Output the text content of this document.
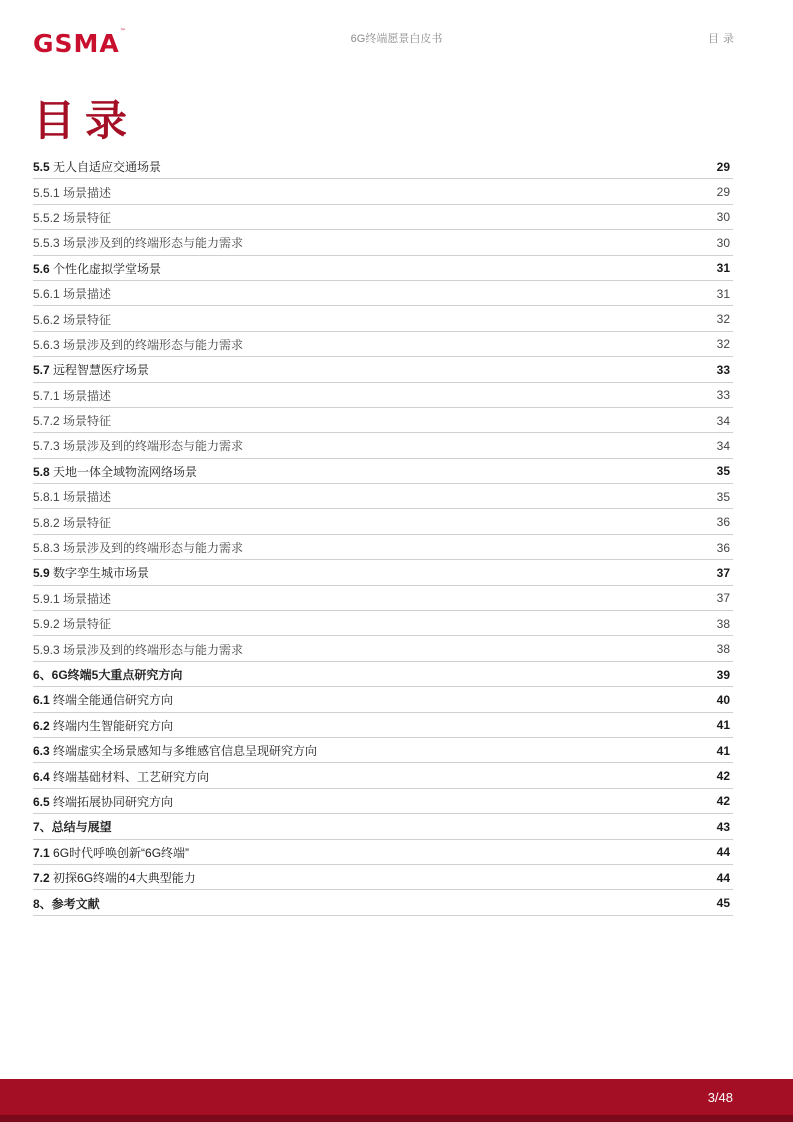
GSMA™
6G终端愿景白皮书	目录
目录
5.5 无人自适应交通场景	29
5.5.1 场景描述	29
5.5.2 场景特征	30
5.5.3 场景涉及到的终端形态与能力需求	30
5.6 个性化虚拟学堂场景	31
5.6.1 场景描述	31
5.6.2 场景特征	32
5.6.3 场景涉及到的终端形态与能力需求	32
5.7 远程智慧医疗场景	33
5.7.1 场景描述	33
5.7.2 场景特征	34
5.7.3 场景涉及到的终端形态与能力需求	34
5.8 天地一体全域物流网络场景	35
5.8.1 场景描述	35
5.8.2 场景特征	36
5.8.3 场景涉及到的终端形态与能力需求	36
5.9 数字孪生城市场景	37
5.9.1 场景描述	37
5.9.2 场景特征	38
5.9.3 场景涉及到的终端形态与能力需求	38
6、6G终端5大重点研究方向	39
6.1 终端全能通信研究方向	40
6.2 终端内生智能研究方向	41
6.3 终端虚实全场景感知与多维感官信息呈现研究方向	41
6.4 终端基础材料、工艺研究方向	42
6.5 终端拓展协同研究方向	42
7、总结与展望	43
7.1 6G时代呼唤创新“6G终端”	44
7.2 初探6G终端的4大典型能力	44
8、参考文献	45
3/48
